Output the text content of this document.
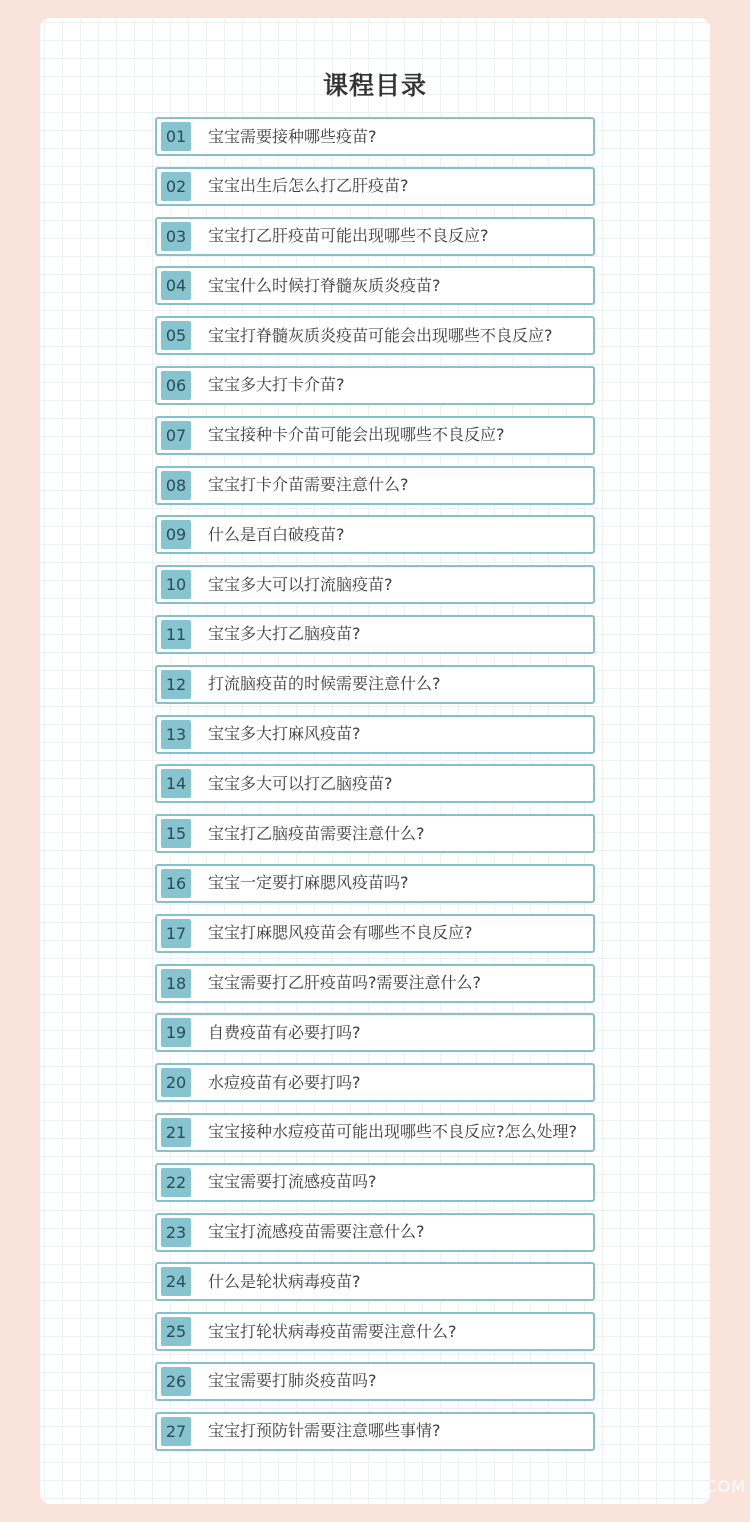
课程目录
01	宝宝需要接种哪些疫苗?
02	宝宝出生后怎么打乙肝疫苗?
03	宝宝打乙肝疫苗可能出现哪些不良反应?
04	宝宝什么时候打脊髓灰质炎疫苗?
05	宝宝打脊髓灰质炎疫苗可能会出现哪些不良反应?
06	宝宝多大打卡介苗?
07	宝宝接种卡介苗可能会出现哪些不良反应?
08	宝宝打卡介苗需要注意什么?
09	什么是百白破疫苗?
10	宝宝多大可以打流脑疫苗?
11	宝宝多大打乙脑疫苗?
12	打流脑疫苗的时候需要注意什么?
13	宝宝多大打麻风疫苗?
14	宝宝多大可以打乙脑疫苗?
15	宝宝打乙脑疫苗需要注意什么?
16	宝宝一定要打麻腮风疫苗吗?
17	宝宝打麻腮风疫苗会有哪些不良反应?
18	宝宝需要打乙肝疫苗吗?需要注意什么?
19	自费疫苗有必要打吗?
20	水痘疫苗有必要打吗?
21	宝宝接种水痘疫苗可能出现哪些不良反应?怎么处理?
22	宝宝需要打流感疫苗吗?
23	宝宝打流感疫苗需要注意什么?
24	什么是轮状病毒疫苗?
25	宝宝打轮状病毒疫苗需要注意什么?
26	宝宝需要打肺炎疫苗吗?
27	宝宝打预防针需要注意哪些事情?
COM
